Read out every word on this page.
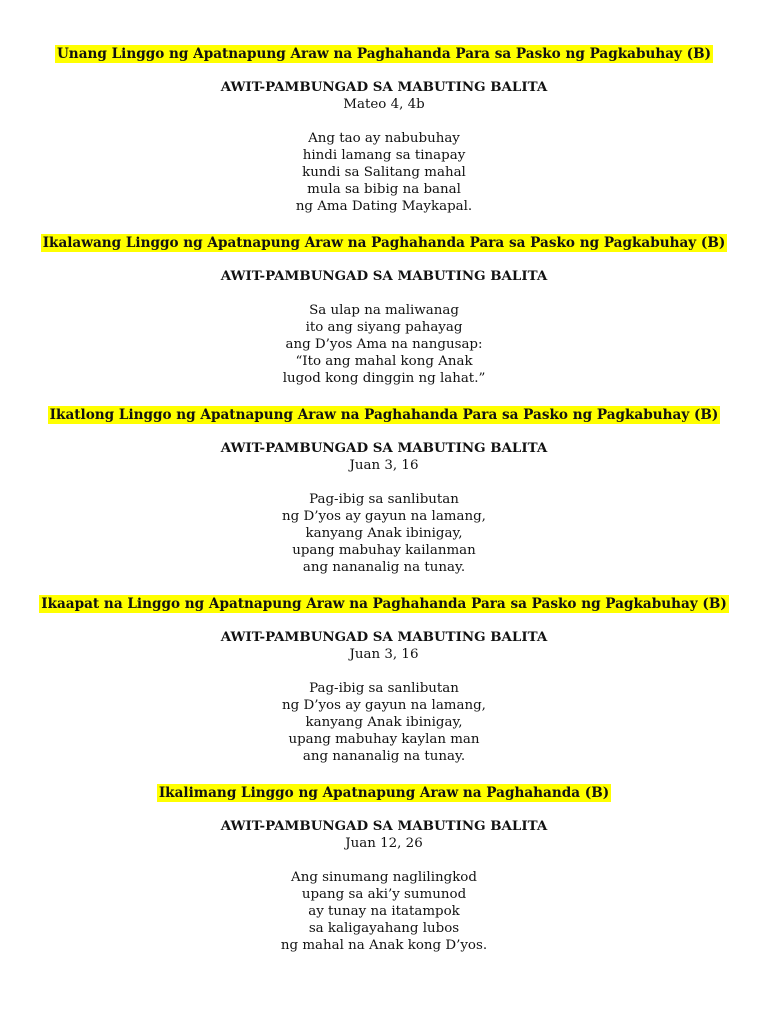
Unang Linggo ng Apatnapung Araw na Paghahanda Para sa Pasko ng Pagkabuhay (B)

AWIT-PAMBUNGAD SA MABUTING BALITA

Mateo 4, 4b

Ang tao ay nabubuhay

hindi lamang sa tinapay

kundi sa Salitang mahal

mula sa bibig na banal

ng Ama Dating Maykapal.

Ikalawang Linggo ng Apatnapung Araw na Paghahanda Para sa Pasko ng Pagkabuhay (B)

AWIT-PAMBUNGAD SA MABUTING BALITA

Sa ulap na maliwanag

ito ang siyang pahayag

ang D’yos Ama na nangusap:

“Ito ang mahal kong Anak

lugod kong dinggin ng lahat.”

Ikatlong Linggo ng Apatnapung Araw na Paghahanda Para sa Pasko ng Pagkabuhay (B)

AWIT-PAMBUNGAD SA MABUTING BALITA

Juan 3, 16

Pag-ibig sa sanlibutan

ng D’yos ay gayun na lamang,

kanyang Anak ibinigay,

upang mabuhay kailanman

ang nananalig na tunay.

Ikaapat na Linggo ng Apatnapung Araw na Paghahanda Para sa Pasko ng Pagkabuhay (B)

AWIT-PAMBUNGAD SA MABUTING BALITA

Juan 3, 16

Pag-ibig sa sanlibutan

ng D’yos ay gayun na lamang,

kanyang Anak ibinigay,

upang mabuhay kaylan man

ang nananalig na tunay.

Ikalimang Linggo ng Apatnapung Araw na Paghahanda (B)

AWIT-PAMBUNGAD SA MABUTING BALITA

Juan 12, 26

Ang sinumang naglilingkod

upang sa aki’y sumunod

ay tunay na itatampok

sa kaligayahang lubos

ng mahal na Anak kong D’yos.
